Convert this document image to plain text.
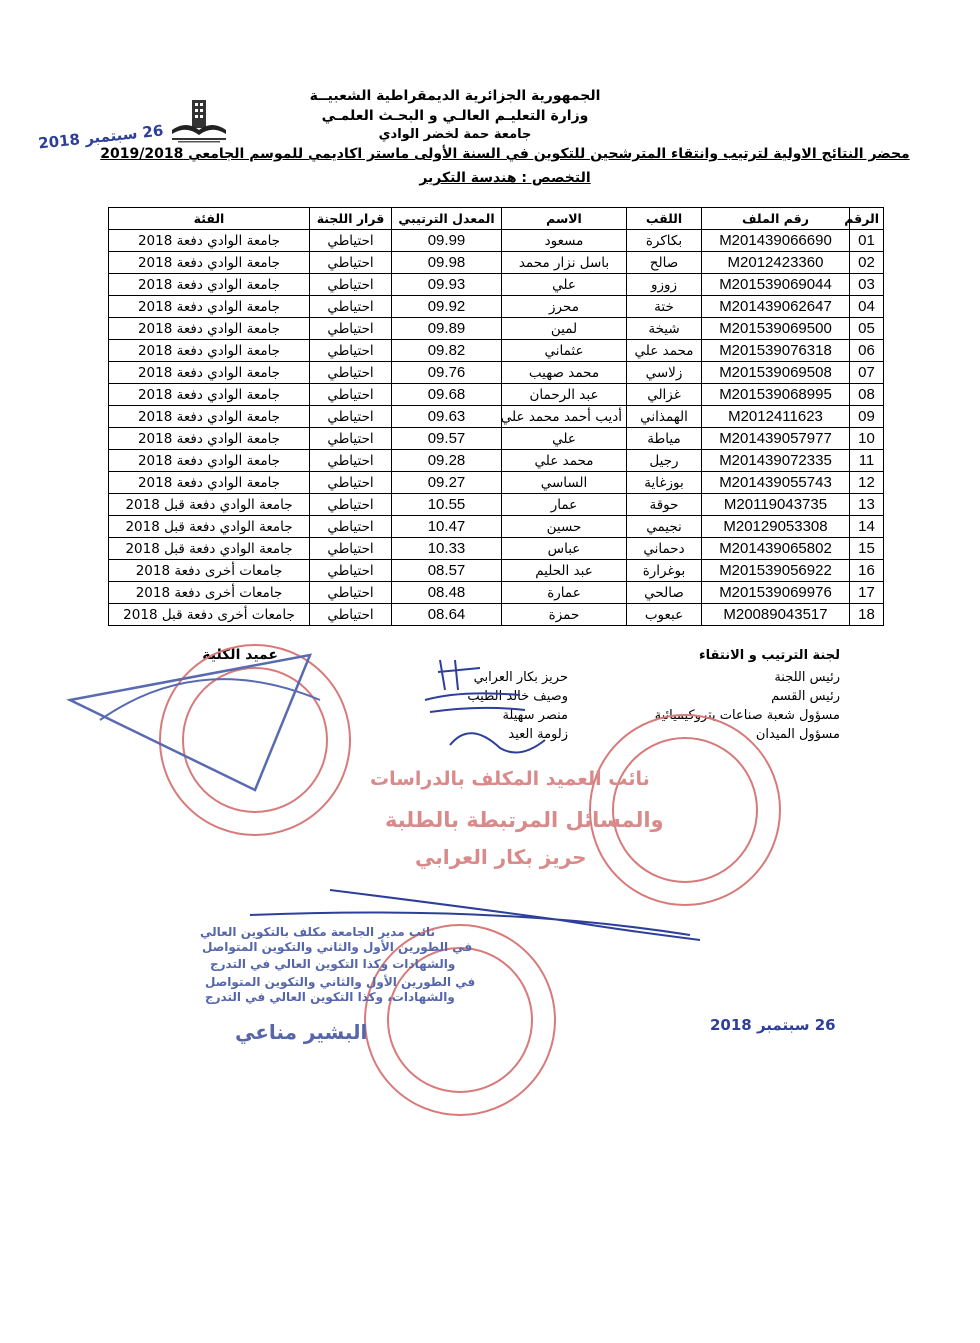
الجمهورية الجزائرية الديمقراطية الشعبيــة
وزارة التعليـم العالـي و البحـث العلمـي
جامعة حمة لخضر الوادي
محضر النتائج الاولية لترتيب وانتقاء المترشحين للتكوين في السنة الأولى ماستر اكاديمي للموسم الجامعي 2019/2018
التخصص : هندسة التكرير
26 سبتمبر 2018
الرقم	رقم الملف	اللقب	الاسم	المعدل الترتيبي	قرار اللجنة	الفئة
01	M201439066690	بكاكرة	مسعود	09.99	احتياطي	جامعة الوادي دفعة 2018
02	M2012423360	صالح	باسل نزار محمد	09.98	احتياطي	جامعة الوادي دفعة 2018
03	M201539069044	زوزو	علي	09.93	احتياطي	جامعة الوادي دفعة 2018
04	M201439062647	ختة	محرز	09.92	احتياطي	جامعة الوادي دفعة 2018
05	M201539069500	شيخة	لمين	09.89	احتياطي	جامعة الوادي دفعة 2018
06	M201539076318	محمد علي	عثماني	09.82	احتياطي	جامعة الوادي دفعة 2018
07	M201539069508	زلاسي	محمد صهيب	09.76	احتياطي	جامعة الوادي دفعة 2018
08	M201539068995	غزالي	عبد الرحمان	09.68	احتياطي	جامعة الوادي دفعة 2018
09	M2012411623	الهمذاني	أديب أحمد محمد علي	09.63	احتياطي	جامعة الوادي دفعة 2018
10	M201439057977	مياطة	علي	09.57	احتياطي	جامعة الوادي دفعة 2018
11	M201439072335	رجيل	محمد علي	09.28	احتياطي	جامعة الوادي دفعة 2018
12	M201439055743	بوزغاية	الساسي	09.27	احتياطي	جامعة الوادي دفعة 2018
13	M20119043735	حوقة	عمار	10.55	احتياطي	جامعة الوادي دفعة قبل 2018
14	M20129053308	نجيمي	حسين	10.47	احتياطي	جامعة الوادي دفعة قبل 2018
15	M201439065802	دحماني	عباس	10.33	احتياطي	جامعة الوادي دفعة قبل 2018
16	M201539056922	بوغرارة	عبد الحليم	08.57	احتياطي	جامعات أخرى دفعة 2018
17	M201539069976	صالحي	عمارة	08.48	احتياطي	جامعات أخرى دفعة 2018
18	M20089043517	عبعوب	حمزة	08.64	احتياطي	جامعات أخرى دفعة قبل 2018
لجنة الترتيب و الانتقاء
رئيس اللجنة
رئيس القسم
مسؤول شعبة صناعات بتروكيميائية
مسؤول الميدان
حريز بكار العرابي
وصيف خالد الطيب
منصر سهيلة
زلومة العيد
عميد الكلية
نائب العميد المكلف بالدراسات
والمسائل المرتبطة بالطلبة
حريز بكار العرابي
نائب مدير الجامعة مكلف بالتكوين العالي
في الطورين الأول والثاني والتكوين المتواصل
والشهادات وكذا التكوين العالي في التدرج
في الطورين الأول والثاني والتكوين المتواصل
والشهادات، وكذا التكوين العالي في التدرج
البشير مناعي	26 سبتمبر 2018
